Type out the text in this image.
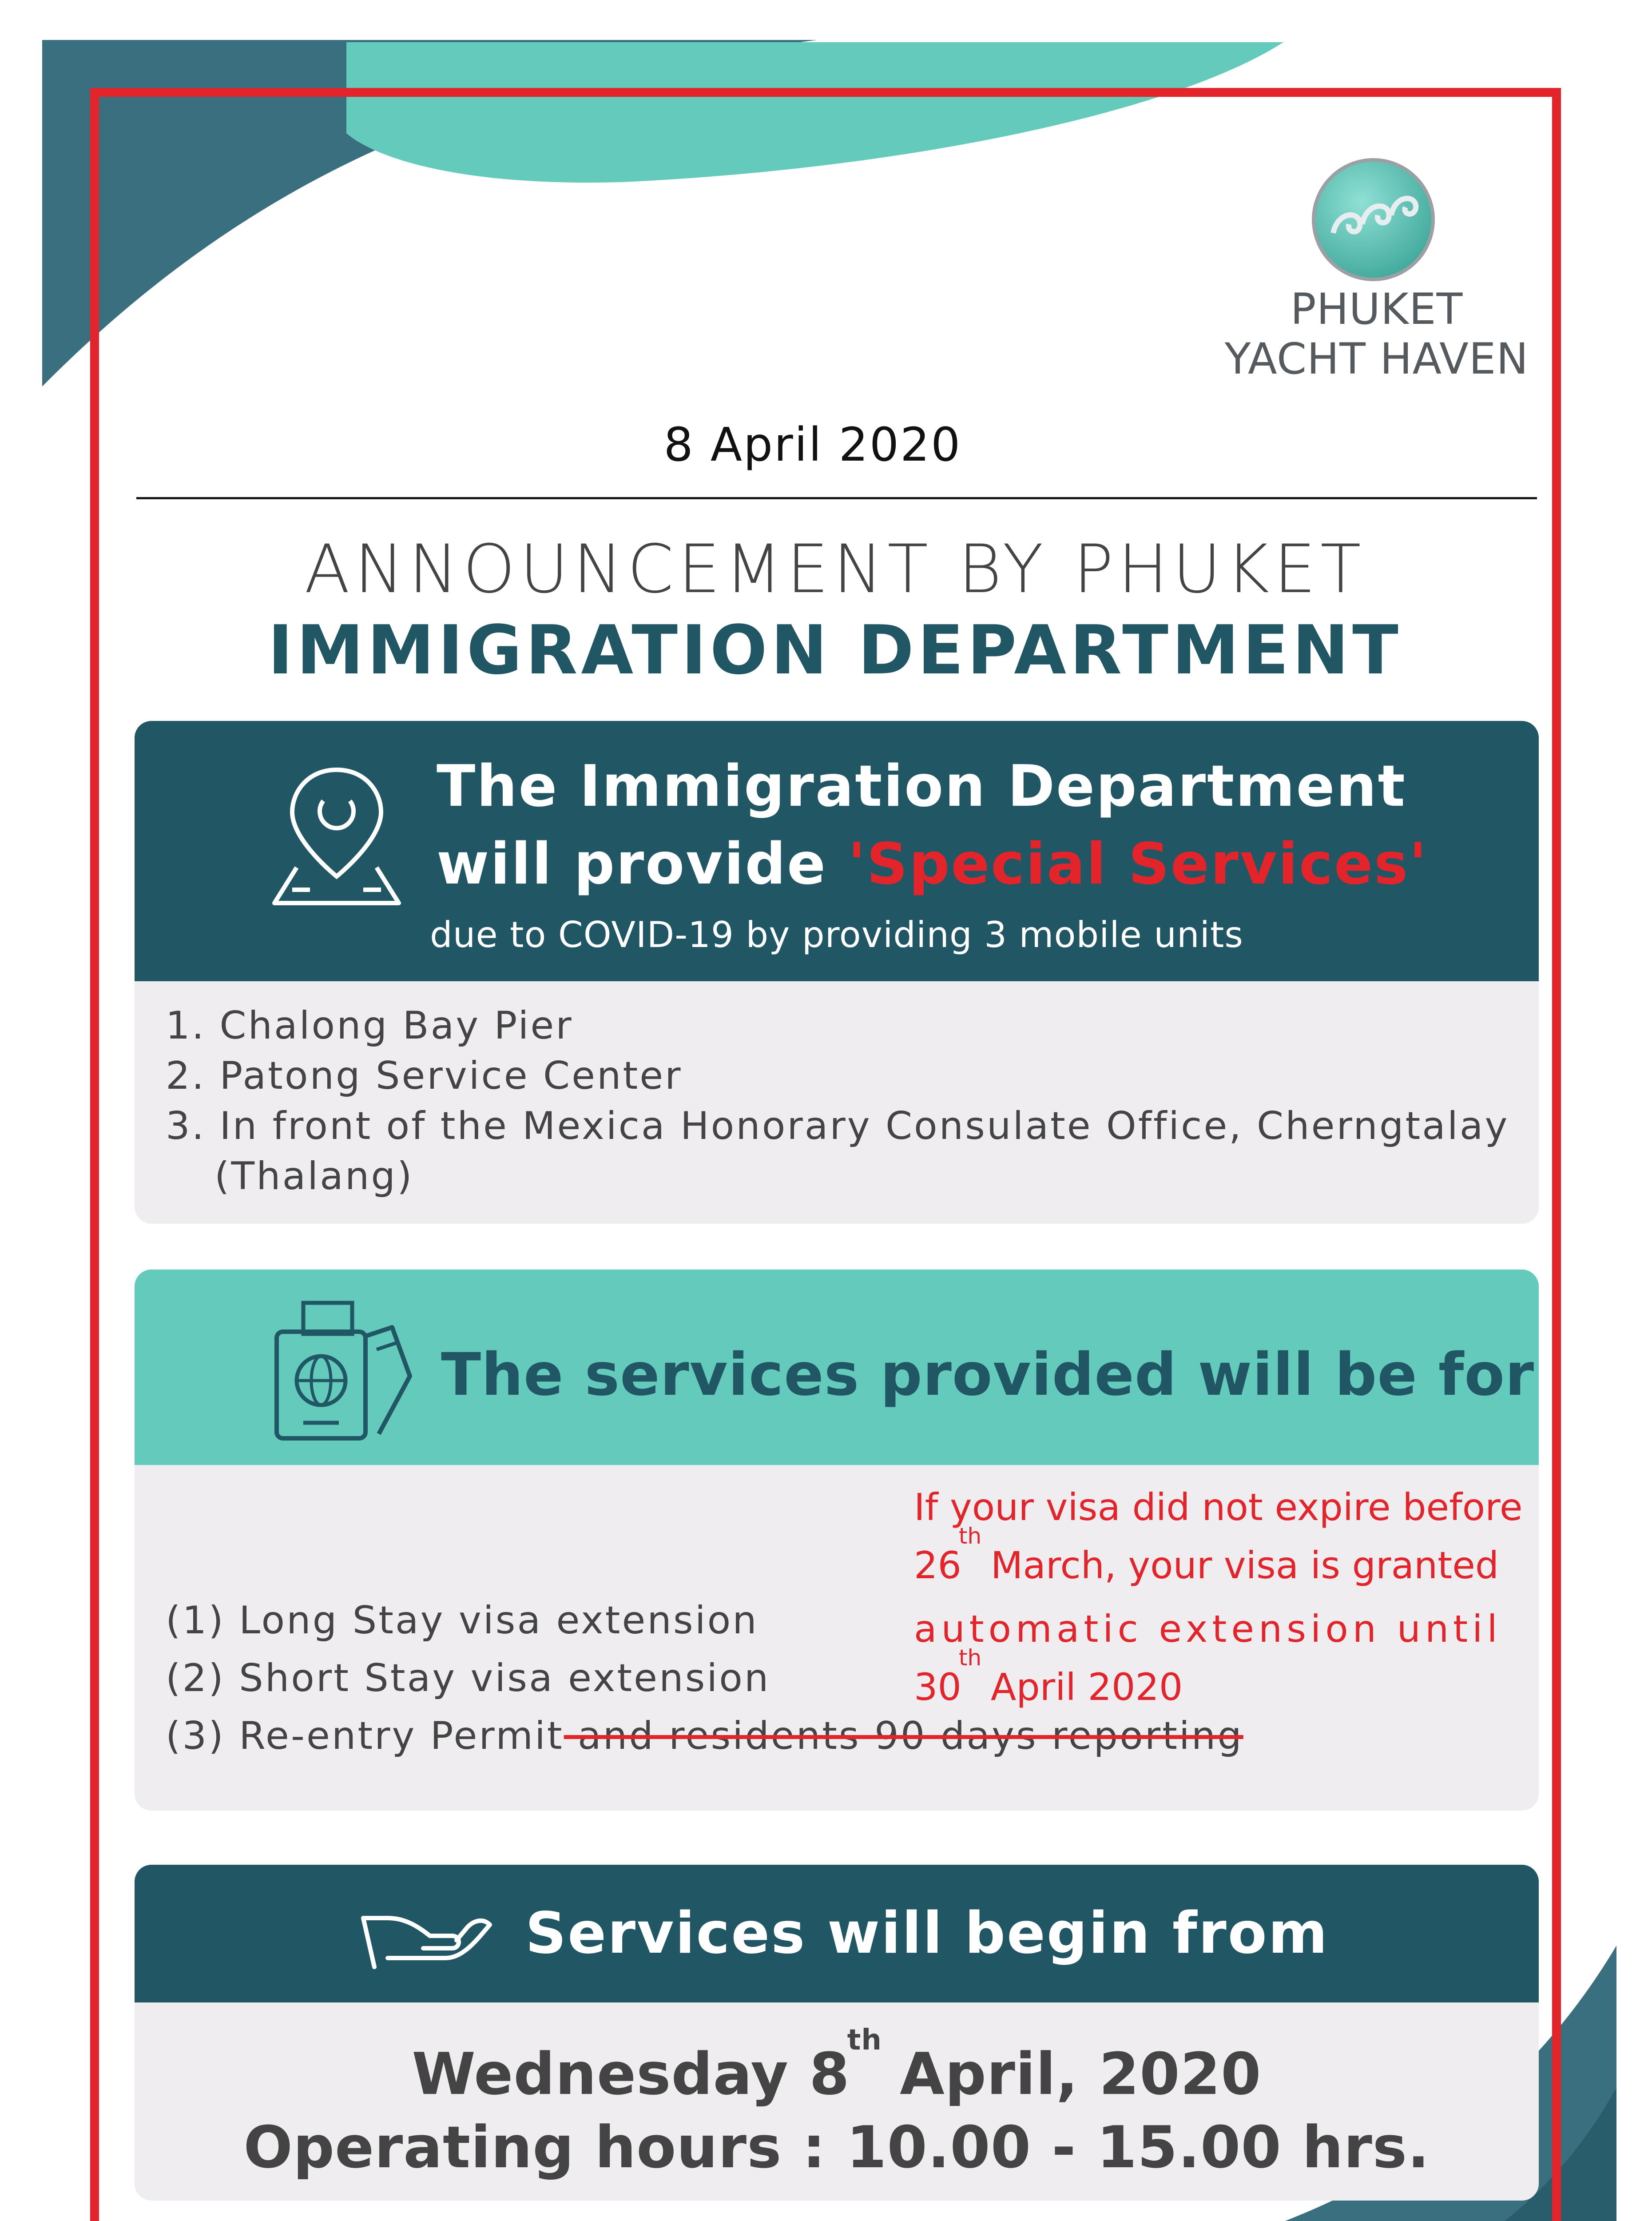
PHUKET
YACHT HAVEN
8 April 2020
ANNOUNCEMENT BY PHUKET
IMMIGRATION DEPARTMENT
The Immigration Department
will provide 'Special Services'
due to COVID-19 by providing 3 mobile units
1. Chalong Bay Pier
2. Patong Service Center
3. In front of the Mexica Honorary Consulate Office, Cherngtalay
(Thalang)
The services provided will be for
(1) Long Stay visa extension
(2) Short Stay visa extension
(3) Re-entry Permit and residents 90 days reporting
If your visa did not expire before
26th March, your visa is granted
automatic extension until
30th April 2020
Services will begin from
Wednesday 8th April, 2020
Operating hours : 10.00 - 15.00 hrs.
